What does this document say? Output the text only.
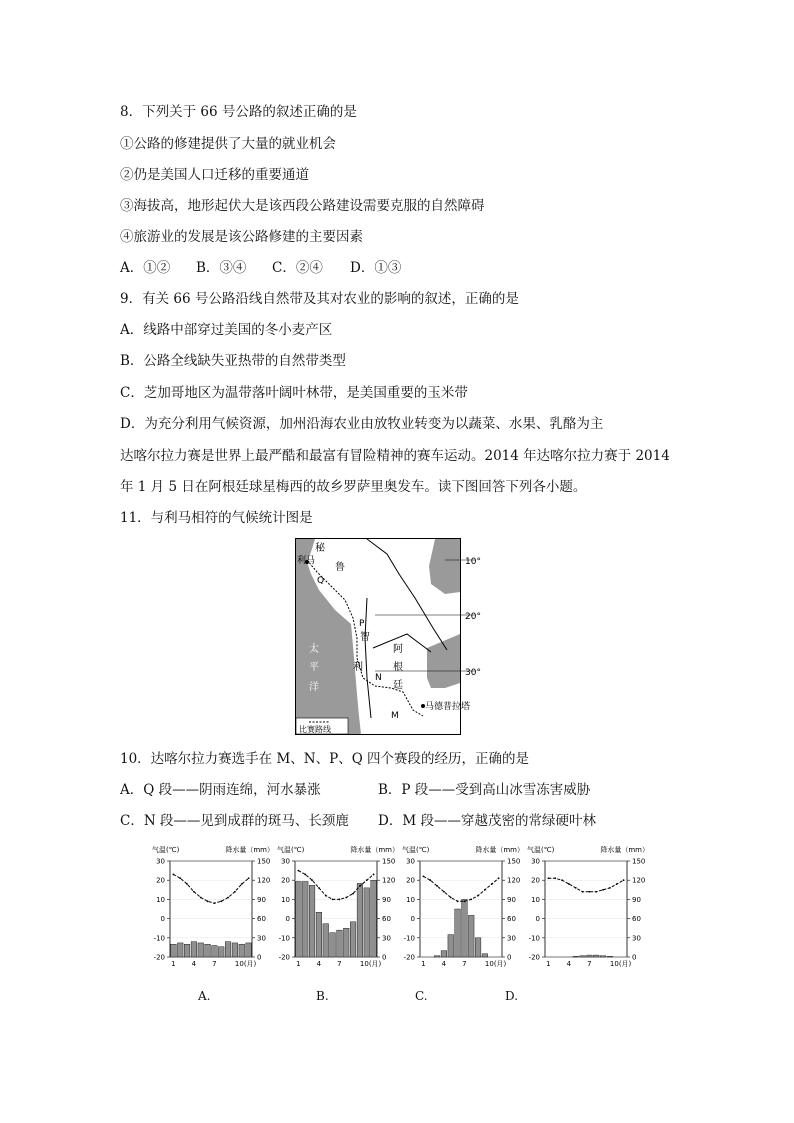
8．下列关于 66 号公路的叙述正确的是
①公路的修建提供了大量的就业机会
②仍是美国人口迁移的重要通道
③海拔高，地形起伏大是该西段公路建设需要克服的自然障碍
④旅游业的发展是该公路修建的主要因素
A．①② B．③④ C．②④ D．①③
9．有关 66 号公路沿线自然带及其对农业的影响的叙述，正确的是
A．线路中部穿过美国的冬小麦产区
B．公路全线缺失亚热带的自然带类型
C．芝加哥地区为温带落叶阔叶林带，是美国重要的玉米带
D．为充分利用气候资源，加州沿海农业由放牧业转变为以蔬菜、水果、乳酪为主
达喀尔拉力赛是世界上最严酷和最富有冒险精神的赛车运动。2014 年达喀尔拉力赛于 2014
年 1 月 5 日在阿根廷球星梅西的故乡罗萨里奥发车。读下图回答下列各小题。
11．与利马相符的气候统计图是
秘
利马
鲁
Q
P
智
利
N
M
阿
根
廷
太
平
洋
马德普拉塔
比赛路线
10°
20°
30°
10．达喀尔拉力赛选手在 M、N、P、Q 四个赛段的经历，正确的是
A．Q 段——阴雨连绵，河水暴涨	B．P 段——受到高山冰雪冻害威胁
C．N 段——见到成群的斑马、长颈鹿 D．M 段——穿越茂密的常绿硬叶林
气温(℃)	降水量（mm）
-20
-10
0
10
20
30
0
30
60
90
120
150
1 4 7	10(月)
气温(℃)	降水量（mm）
-20
-10
0
10
20
30
0
30
60
90
120
150
1 4 7	10(月)
气温(℃)	降水量（mm）
-20
-10
0
10
20
30
0
30
60
90
120
150
1 4 7	10(月)
气温(℃)	降水量（mm）
-20
-10
0
10
20
30
0
30
60
90
120
150
1 4 7	10(月)
A.	B.	C.	D.
